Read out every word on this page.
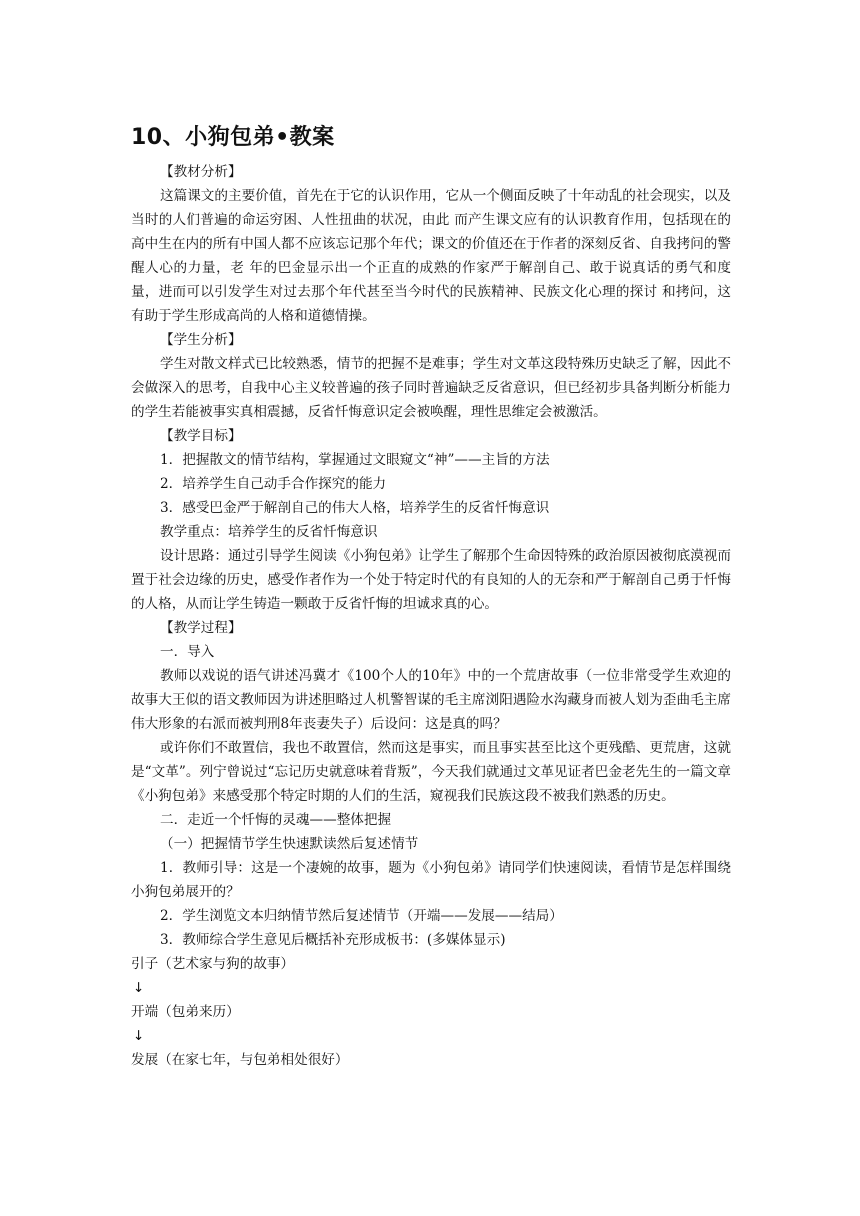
10、小狗包弟•教案

【教材分析】

这篇课文的主要价值，首先在于它的认识作用，它从一个侧面反映了十年动乱的社会现实，以及当时的人们普遍的命运穷困、人性扭曲的状况，由此 而产生课文应有的认识教育作用，包括现在的高中生在内的所有中国人都不应该忘记那个年代；课文的价值还在于作者的深刻反省、自我拷问的警醒人心的力量，老 年的巴金显示出一个正直的成熟的作家严于解剖自己、敢于说真话的勇气和度量，进而可以引发学生对过去那个年代甚至当今时代的民族精神、民族文化心理的探讨 和拷问，这有助于学生形成高尚的人格和道德情操。

【学生分析】

学生对散文样式已比较熟悉，情节的把握不是难事；学生对文革这段特殊历史缺乏了解，因此不会做深入的思考，自我中心主义较普遍的孩子同时普遍缺乏反省意识，但已经初步具备判断分析能力的学生若能被事实真相震撼，反省忏悔意识定会被唤醒，理性思维定会被激活。

【教学目标】

1．把握散文的情节结构，掌握通过文眼窥文“神”——主旨的方法

2．培养学生自己动手合作探究的能力

3．感受巴金严于解剖自己的伟大人格，培养学生的反省忏悔意识

教学重点：培养学生的反省忏悔意识

设计思路：通过引导学生阅读《小狗包弟》让学生了解那个生命因特殊的政治原因被彻底漠视而置于社会边缘的历史，感受作者作为一个处于特定时代的有良知的人的无奈和严于解剖自己勇于忏悔的人格，从而让学生铸造一颗敢于反省忏悔的坦诚求真的心。

【教学过程】

一．导入

教师以戏说的语气讲述冯冀才《100个人的10年》中的一个荒唐故事（一位非常受学生欢迎的故事大王似的语文教师因为讲述胆略过人机警智谋的毛主席浏阳遇险水沟藏身而被人划为歪曲毛主席伟大形象的右派而被判刑8年丧妻失子）后设问：这是真的吗？

或许你们不敢置信，我也不敢置信，然而这是事实，而且事实甚至比这个更残酷、更荒唐，这就是“文革”。列宁曾说过“忘记历史就意味着背叛”，今天我们就通过文革见证者巴金老先生的一篇文章《小狗包弟》来感受那个特定时期的人们的生活，窥视我们民族这段不被我们熟悉的历史。

二．走近一个忏悔的灵魂——整体把握

（一）把握情节学生快速默读然后复述情节

1．教师引导：这是一个凄婉的故事，题为《小狗包弟》请同学们快速阅读，看情节是怎样围绕小狗包弟展开的？

2．学生浏览文本归纳情节然后复述情节（开端——发展——结局）

3．教师综合学生意见后概括补充形成板书：(多媒体显示)

引子（艺术家与狗的故事）

↓

开端（包弟来历）

↓

发展（在家七年，与包弟相处很好）
